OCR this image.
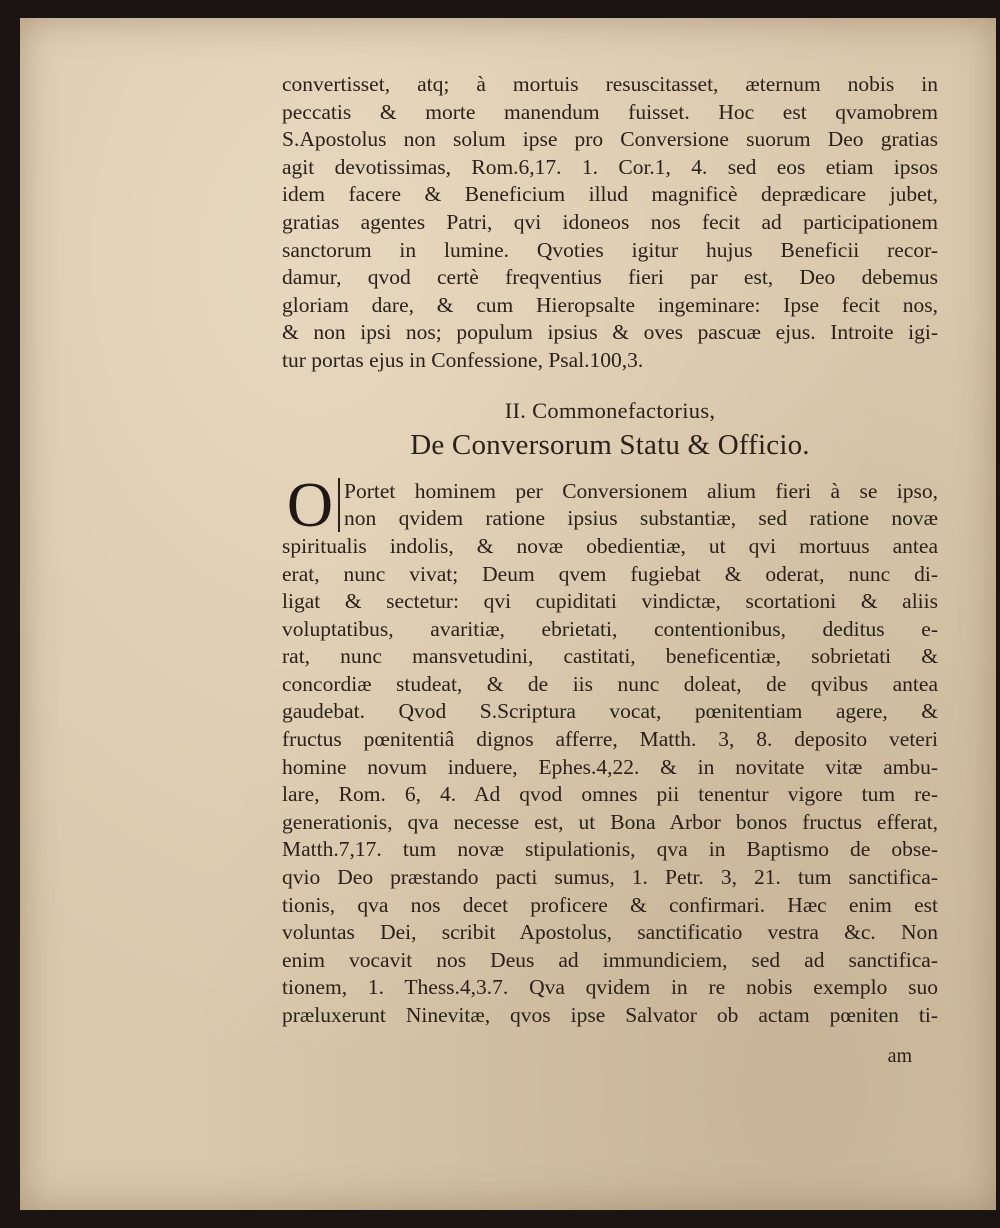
convertisset, atq; à mortuis resuscitasset, æternum nobis in
peccatis & morte manendum fuisset. Hoc est qvamobrem
S.Apostolus non solum ipse pro Conversione suorum Deo gratias
agit devotissimas, Rom.6,17. 1. Cor.1, 4. sed eos etiam ipsos
idem facere & Beneficium illud magnificè deprædicare jubet,
gratias agentes Patri, qvi idoneos nos fecit ad participationem
sanctorum in lumine. Qvoties igitur hujus Beneficii recor-
damur, qvod certè freqventius fieri par est, Deo debemus
gloriam dare, & cum Hieropsalte ingeminare: Ipse fecit nos,
& non ipsi nos; populum ipsius & oves pascuæ ejus. Introite igi-
tur portas ejus in Confessione, Psal.100,3.
II. Commonefactorius,
De Conversorum Statu & Officio.
O Portet hominem per Conversionem alium fieri à se ipso,
non qvidem ratione ipsius substantiæ, sed ratione novæ
spiritualis indolis, & novæ obedientiæ, ut qvi mortuus antea
erat, nunc vivat; Deum qvem fugiebat & oderat, nunc di-
ligat & sectetur: qvi cupiditati vindictæ, scortationi & aliis
voluptatibus, avaritiæ, ebrietati, contentionibus, deditus e-
rat, nunc mansvetudini, castitati, beneficentiæ, sobrietati &
concordiæ studeat, & de iis nunc doleat, de qvibus antea
gaudebat. Qvod S.Scriptura vocat, pœnitentiam agere, &
fructus pœnitentiâ dignos afferre, Matth. 3, 8. deposito veteri
homine novum induere, Ephes.4,22. & in novitate vitæ ambu-
lare, Rom. 6, 4. Ad qvod omnes pii tenentur vigore tum re-
generationis, qva necesse est, ut Bona Arbor bonos fructus efferat,
Matth.7,17. tum novæ stipulationis, qva in Baptismo de obse-
qvio Deo præstando pacti sumus, 1. Petr. 3, 21. tum sanctifica-
tionis, qva nos decet proficere & confirmari. Hæc enim est
voluntas Dei, scribit Apostolus, sanctificatio vestra &c. Non
enim vocavit nos Deus ad immundiciem, sed ad sanctifica-
tionem, 1. Thess.4,3.7. Qva qvidem in re nobis exemplo suo
præluxerunt Ninevitæ, qvos ipse Salvator ob actam pœniten ti-
am
